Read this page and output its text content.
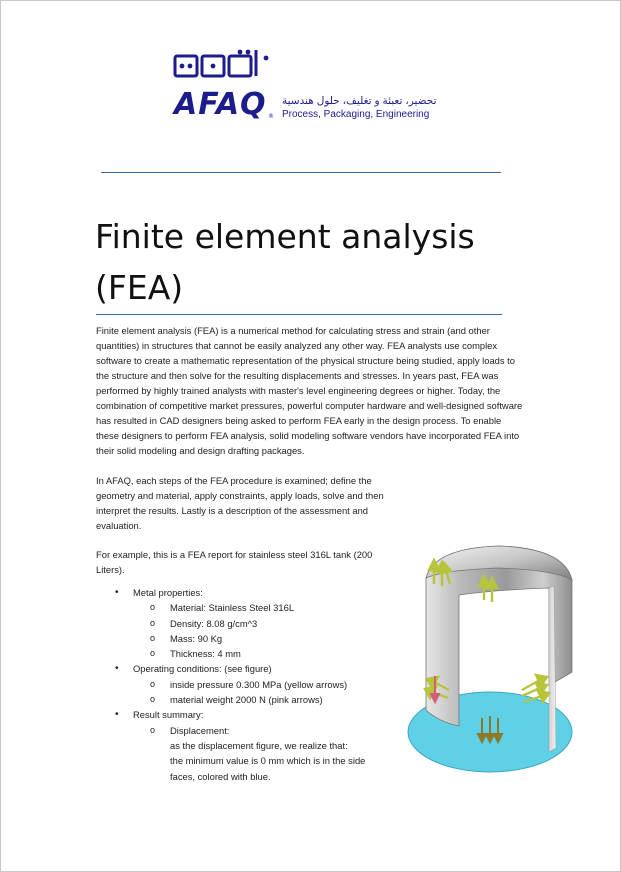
AFAQ ®
تحضير، تعبئة و تغليف، حلول هندسية
Process, Packaging, Engineering
Finite element analysis
(FEA)

Finite element analysis (FEA) is a numerical method for calculating stress and strain (and other quantities) in structures that cannot be easily analyzed any other way. FEA analysts use complex software to create a mathematic representation of the physical structure being studied, apply loads to the structure and then solve for the resulting displacements and stresses. In years past, FEA was performed by highly trained analysts with master's level engineering degrees or higher. Today, the combination of competitive market pressures, powerful computer hardware and well-designed software has resulted in CAD designers being asked to perform FEA early in the design process. To enable these designers to perform FEA analysis, solid modeling software vendors have incorporated FEA into their solid modeling and design drafting packages.

In AFAQ, each steps of the FEA procedure is examined; define the geometry and material, apply constraints, apply loads, solve and then interpret the results. Lastly is a description of the assessment and evaluation.

For example, this is a FEA report for stainless steel 316L tank (200 Liters).

• Metal properties:
o Material: Stainless Steel 316L
o Density: 8.08 g/cm^3
o Mass: 90 Kg
o Thickness: 4 mm
• Operating conditions: (see figure)
o inside pressure 0.300 MPa (yellow arrows)
o material weight 2000 N (pink arrows)
• Result summary:
o Displacement:
as the displacement figure, we realize that:
the minimum value is 0 mm which is in the side
faces, colored with blue.
